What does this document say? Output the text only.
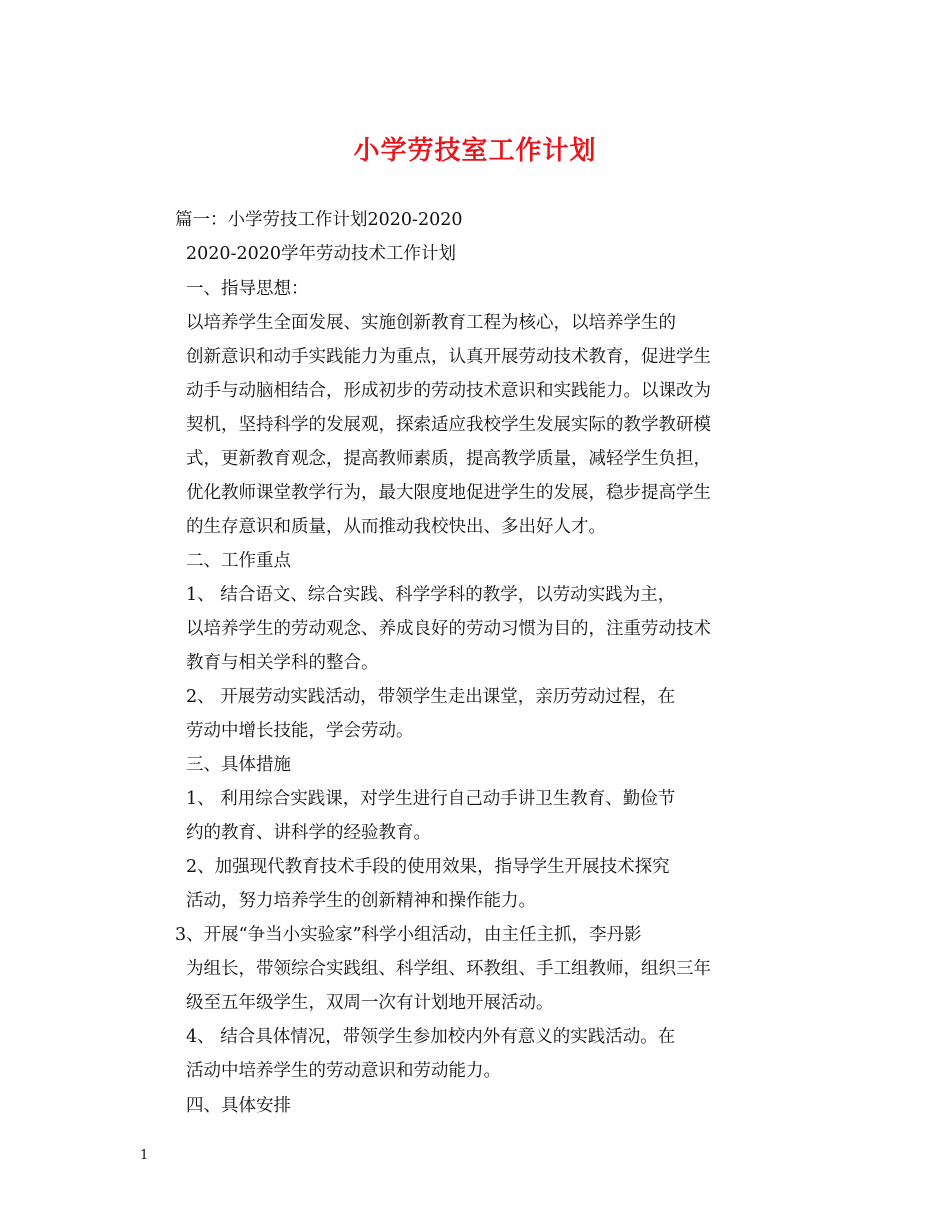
小学劳技室工作计划
篇一：小学劳技工作计划2020-2020
2020-2020学年劳动技术工作计划
一、指导思想：
以培养学生全面发展、实施创新教育工程为核心，以培养学生的
创新意识和动手实践能力为重点，认真开展劳动技术教育，促进学生
动手与动脑相结合，形成初步的劳动技术意识和实践能力。以课改为
契机，坚持科学的发展观，探索适应我校学生发展实际的教学教研模
式，更新教育观念，提高教师素质，提高教学质量，减轻学生负担，
优化教师课堂教学行为，最大限度地促进学生的发展，稳步提高学生
的生存意识和质量，从而推动我校快出、多出好人才。
二、工作重点
1、 结合语文、综合实践、科学学科的教学，以劳动实践为主，
以培养学生的劳动观念、养成良好的劳动习惯为目的，注重劳动技术
教育与相关学科的整合。
2、 开展劳动实践活动，带领学生走出课堂，亲历劳动过程，在
劳动中增长技能，学会劳动。
三、具体措施
1、 利用综合实践课，对学生进行自己动手讲卫生教育、勤俭节
约的教育、讲科学的经验教育。
2、加强现代教育技术手段的使用效果，指导学生开展技术探究
活动，努力培养学生的创新精神和操作能力。
3、开展“争当小实验家”科学小组活动，由主任主抓，李丹影
为组长，带领综合实践组、科学组、环教组、手工组教师，组织三年
级至五年级学生，双周一次有计划地开展活动。
4、 结合具体情况，带领学生参加校内外有意义的实践活动。在
活动中培养学生的劳动意识和劳动能力。
四、具体安排
1
